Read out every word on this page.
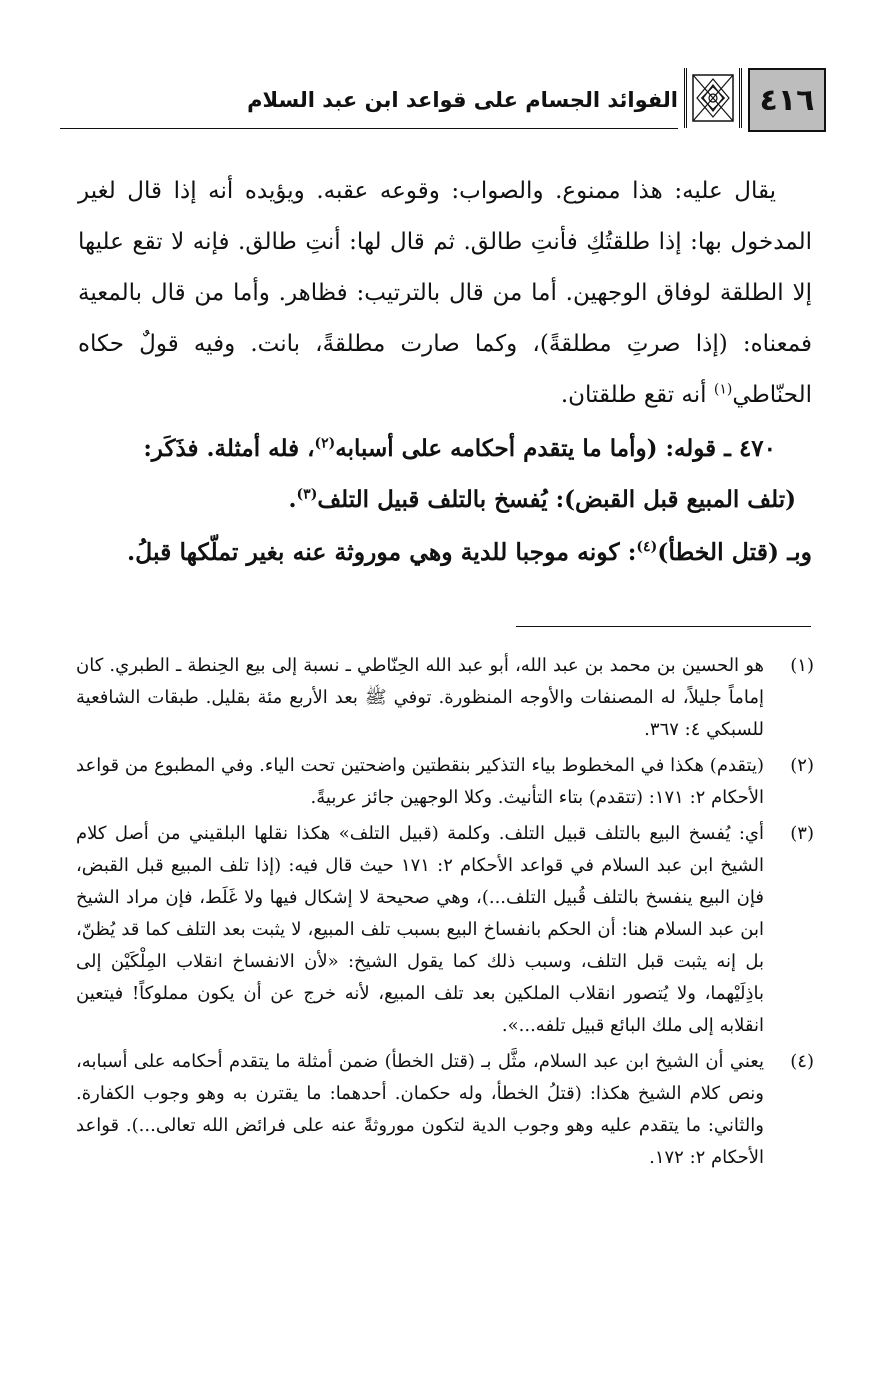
٤١٦
الفوائد الجسام على قواعد ابن عبد السلام

يقال عليه: هذا ممنوع. والصواب: وقوعه عقبه. ويؤيده أنه إذا قال لغير المدخول بها: إذا طلقتُكِ فأنتِ طالق. ثم قال لها: أنتِ طالق. فإنه لا تقع عليها إلا الطلقة لوفاق الوجهين. أما من قال بالترتيب: فظاهر. وأما من قال بالمعية فمعناه: (إذا صرتِ مطلقةً)، وكما صارت مطلقةً، بانت. وفيه قولٌ حكاه الحنّاطي$^{(١)}$ أنه تقع طلقتان.

٤٧٠ ـ قوله: (وأما ما يتقدم أحكامه على أسبابه$^{(٢)}$، فله أمثلة. فذَكَر:

(تلف المبيع قبل القبض): يُفسخ بالتلف قبيل التلف$^{(٣)}$.

وبـ (قتل الخطأ)$^{(٤)}$: كونه موجبا للدية وهي موروثة عنه بغير تملّكها قبلُ.

(١)
هو الحسين بن محمد بن عبد الله، أبو عبد الله الحِنّاطي ـ نسبة إلى بيع الحِنطة ـ الطبري. كان إماماً جليلاً، له المصنفات والأوجه المنظورة. توفي ﷺ بعد الأربع مئة بقليل. طبقات الشافعية للسبكي ٤: ٣٦٧.
(٢)
(يتقدم) هكذا في المخطوط بياء التذكير بنقطتين واضحتين تحت الياء. وفي المطبوع من قواعد الأحكام ٢: ١٧١: (تتقدم) بتاء التأنيث. وكلا الوجهين جائز عربيةً.
(٣)
أي: يُفسخ البيع بالتلف قبيل التلف. وكلمة (قبيل التلف» هكذا نقلها البلقيني من أصل كلام الشيخ ابن عبد السلام في قواعد الأحكام ٢: ١٧١ حيث قال فيه: (إذا تلف المبيع قبل القبض، فإن البيع ينفسخ بالتلف قُبيل التلف...)، وهي صحيحة لا إشكال فيها ولا غَلَط، فإن مراد الشيخ ابن عبد السلام هنا: أن الحكم بانفساخ البيع بسبب تلف المبيع، لا يثبت بعد التلف كما قد يُظنّ، بل إنه يثبت قبل التلف، وسبب ذلك كما يقول الشيخ: «لأن الانفساخ انقلاب المِلْكَيْن إلى باذِلَيْهما، ولا يُتصور انقلاب الملكين بعد تلف المبيع، لأنه خرج عن أن يكون مملوكاً! فيتعين انقلابه إلى ملك البائع قبيل تلفه...».
(٤)
يعني أن الشيخ ابن عبد السلام، مثَّل بـ (قتل الخطأ) ضمن أمثلة ما يتقدم أحكامه على أسبابه، ونص كلام الشيخ هكذا: (قتلُ الخطأ، وله حكمان. أحدهما: ما يقترن به وهو وجوب الكفارة. والثاني: ما يتقدم عليه وهو وجوب الدية لتكون موروثةً عنه على فرائض الله تعالى...). قواعد الأحكام ٢: ١٧٢.
